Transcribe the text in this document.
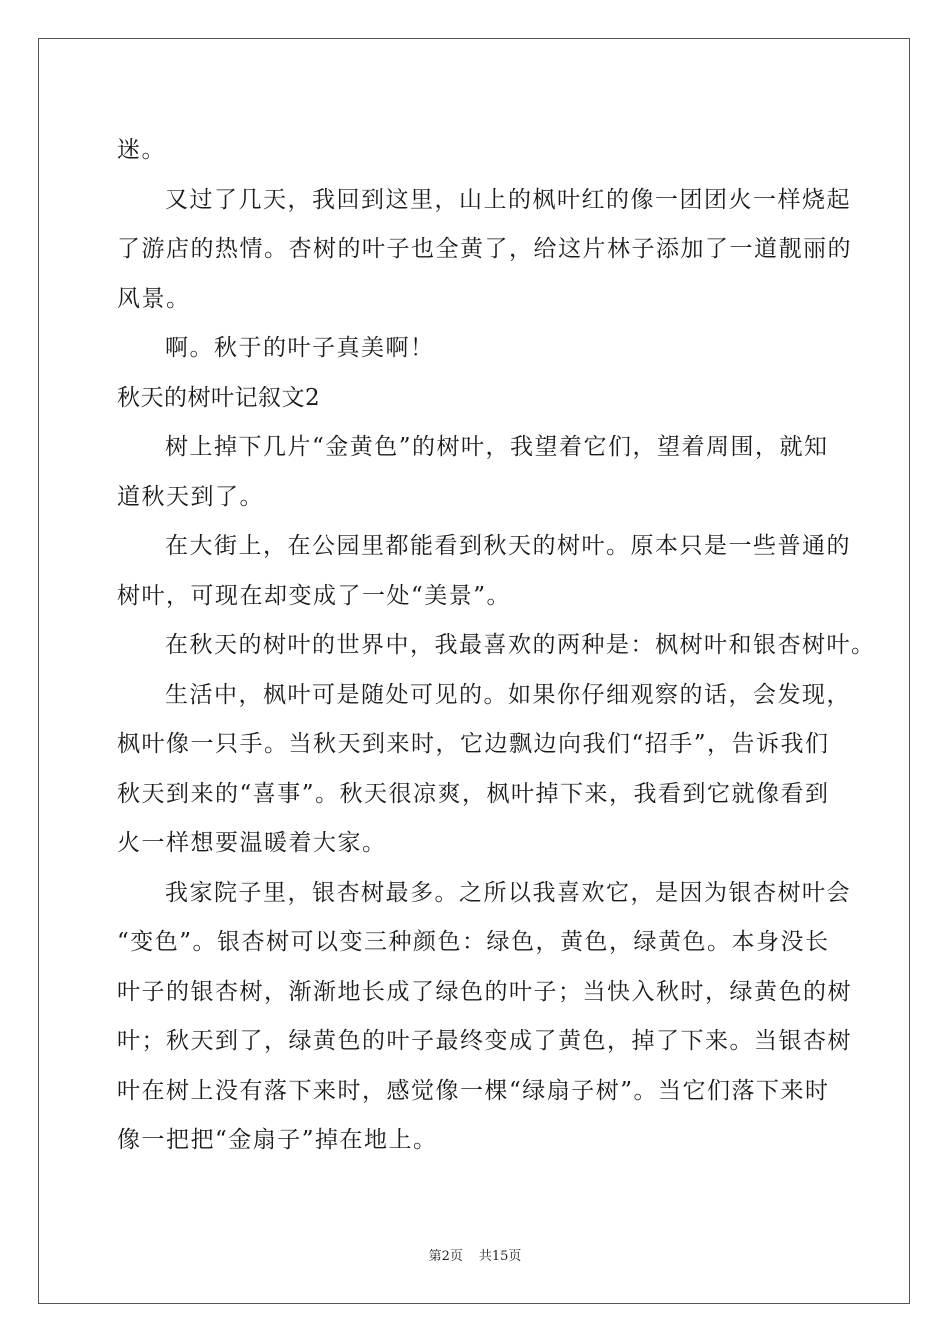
迷。
又过了几天，我回到这里，山上的枫叶红的像一团团火一样烧起
了游店的热情。杏树的叶子也全黄了，给这片林子添加了一道靓丽的
风景。
啊。秋于的叶子真美啊！
秋天的树叶记叙文2
树上掉下几片“金黄色”的树叶，我望着它们，望着周围，就知
道秋天到了。
在大街上，在公园里都能看到秋天的树叶。原本只是一些普通的
树叶，可现在却变成了一处“美景”。
在秋天的树叶的世界中，我最喜欢的两种是：枫树叶和银杏树叶。
生活中，枫叶可是随处可见的。如果你仔细观察的话，会发现，
枫叶像一只手。当秋天到来时，它边飘边向我们“招手”，告诉我们
秋天到来的“喜事”。秋天很凉爽，枫叶掉下来，我看到它就像看到
火一样想要温暖着大家。
我家院子里，银杏树最多。之所以我喜欢它，是因为银杏树叶会
“变色”。银杏树可以变三种颜色：绿色，黄色，绿黄色。本身没长
叶子的银杏树，渐渐地长成了绿色的叶子；当快入秋时，绿黄色的树
叶；秋天到了，绿黄色的叶子最终变成了黄色，掉了下来。当银杏树
叶在树上没有落下来时，感觉像一棵“绿扇子树”。当它们落下来时
像一把把“金扇子”掉在地上。
第2页 共15页
